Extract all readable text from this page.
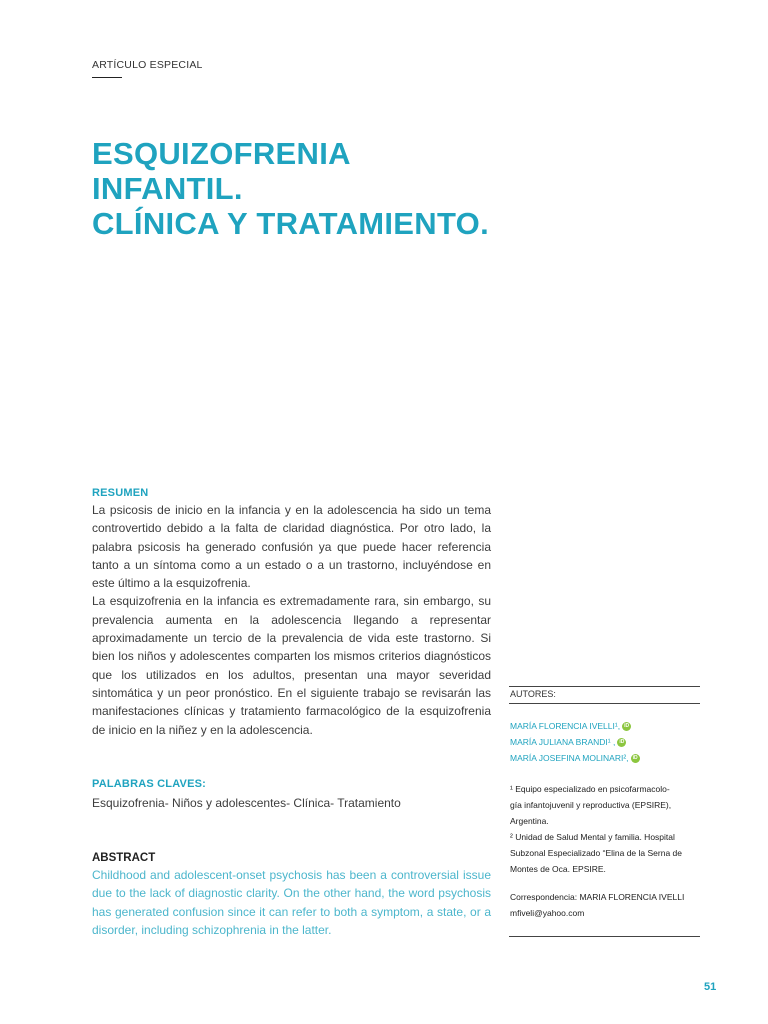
ARTÍCULO ESPECIAL
ESQUIZOFRENIA
INFANTIL.
CLÍNICA Y TRATAMIENTO.
RESUMEN

La psicosis de inicio en la infancia y en la adolescencia ha sido un tema controvertido debido a la falta de claridad diagnóstica. Por otro lado, la palabra psicosis ha generado confusión ya que puede hacer referencia tanto a un síntoma como a un estado o a un trastorno, incluyéndose en este último a la esquizofrenia.

La esquizofrenia en la infancia es extremadamente rara, sin embargo, su prevalencia aumenta en la adolescencia llegando a representar aproximadamente un tercio de la prevalencia de vida este trastorno. Si bien los niños y adolescentes comparten los mismos criterios diagnósticos que los utilizados en los adultos, presentan una mayor severidad sintomática y un peor pronóstico. En el siguiente trabajo se revisarán las manifestaciones clínicas y tratamiento farmacológico de la esquizofrenia de inicio en la niñez y en la adolescencia.

PALABRAS CLAVES:
Esquizofrenia- Niños y adolescentes- Clínica- Tratamiento
ABSTRACT

Childhood and adolescent-onset psychosis has been a controversial issue due to the lack of diagnostic clarity. On the other hand, the word psychosis has generated confusion since it can refer to both a symptom, a state, or a disorder, including schizophrenia in the latter.

AUTORES:
MARÍA FLORENCIA IVELLI¹, iD
MARÍA JULIANA BRANDI¹ , iD
MARÍA JOSEFINA MOLINARI², iD
¹ Equipo especializado en psicofarmacolo-
gía infantojuvenil y reproductiva (EPSIRE),
Argentina.
² Unidad de Salud Mental y familia. Hospital
Subzonal Especializado “Elina de la Serna de
Montes de Oca. EPSIRE.
Correspondencia: MARIA FLORENCIA IVELLI
mfiveli@yahoo.com
51
